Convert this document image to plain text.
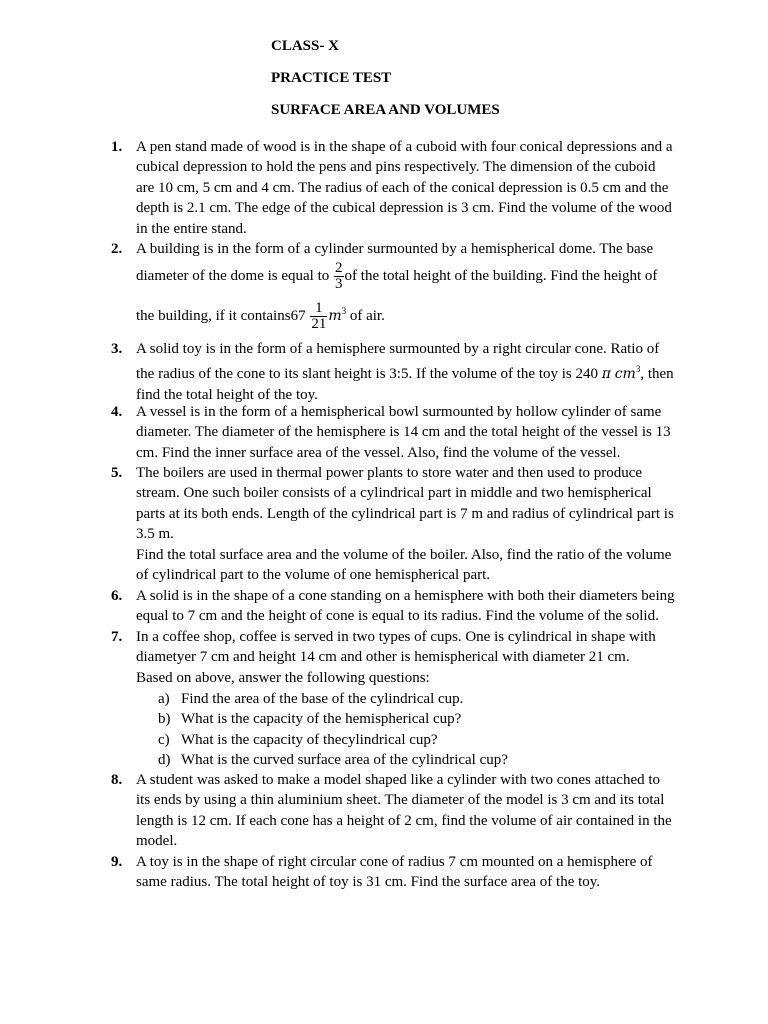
CLASS- X
PRACTICE TEST
SURFACE AREA AND VOLUMES
1. A pen stand made of wood is in the shape of a cuboid with four conical depressions and a
cubical depression to hold the pens and pins respectively. The dimension of the cuboid
are 10 cm, 5 cm and 4 cm. The radius of each of the conical depression is 0.5 cm and the
depth is 2.1 cm. The edge of the cubical depression is 3 cm. Find the volume of the wood
in the entire stand.
2. A building is in the form of a cylinder surmounted by a hemispherical dome. The base
diameter of the dome is equal to $\frac{2}{3}$ of the total height of the building. Find the height of
the building, if it contains67 $\frac{1}{21} m^3$ of air.
3. A solid toy is in the form of a hemisphere surmounted by a right circular cone. Ratio of
the radius of the cone to its slant height is 3:5. If the volume of the toy is 240 π $cm^3$, then
find the total height of the toy.
4. A vessel is in the form of a hemispherical bowl surmounted by hollow cylinder of same
diameter. The diameter of the hemisphere is 14 cm and the total height of the vessel is 13
cm. Find the inner surface area of the vessel. Also, find the volume of the vessel.
5. The boilers are used in thermal power plants to store water and then used to produce
stream. One such boiler consists of a cylindrical part in middle and two hemispherical
parts at its both ends. Length of the cylindrical part is 7 m and radius of cylindrical part is
3.5 m.
Find the total surface area and the volume of the boiler. Also, find the ratio of the volume
of cylindrical part to the volume of one hemispherical part.
6. A solid is in the shape of a cone standing on a hemisphere with both their diameters being
equal to 7 cm and the height of cone is equal to its radius. Find the volume of the solid.
7. In a coffee shop, coffee is served in two types of cups. One is cylindrical in shape with
diametyer 7 cm and height 14 cm and other is hemispherical with diameter 21 cm.
Based on above, answer the following questions:
a) Find the area of the base of the cylindrical cup.
b) What is the capacity of the hemispherical cup?
c) What is the capacity of thecylindrical cup?
d) What is the curved surface area of the cylindrical cup?
8. A student was asked to make a model shaped like a cylinder with two cones attached to
its ends by using a thin aluminium sheet. The diameter of the model is 3 cm and its total
length is 12 cm. If each cone has a height of 2 cm, find the volume of air contained in the
model.
9. A toy is in the shape of right circular cone of radius 7 cm mounted on a hemisphere of
same radius. The total height of toy is 31 cm. Find the surface area of the toy.
